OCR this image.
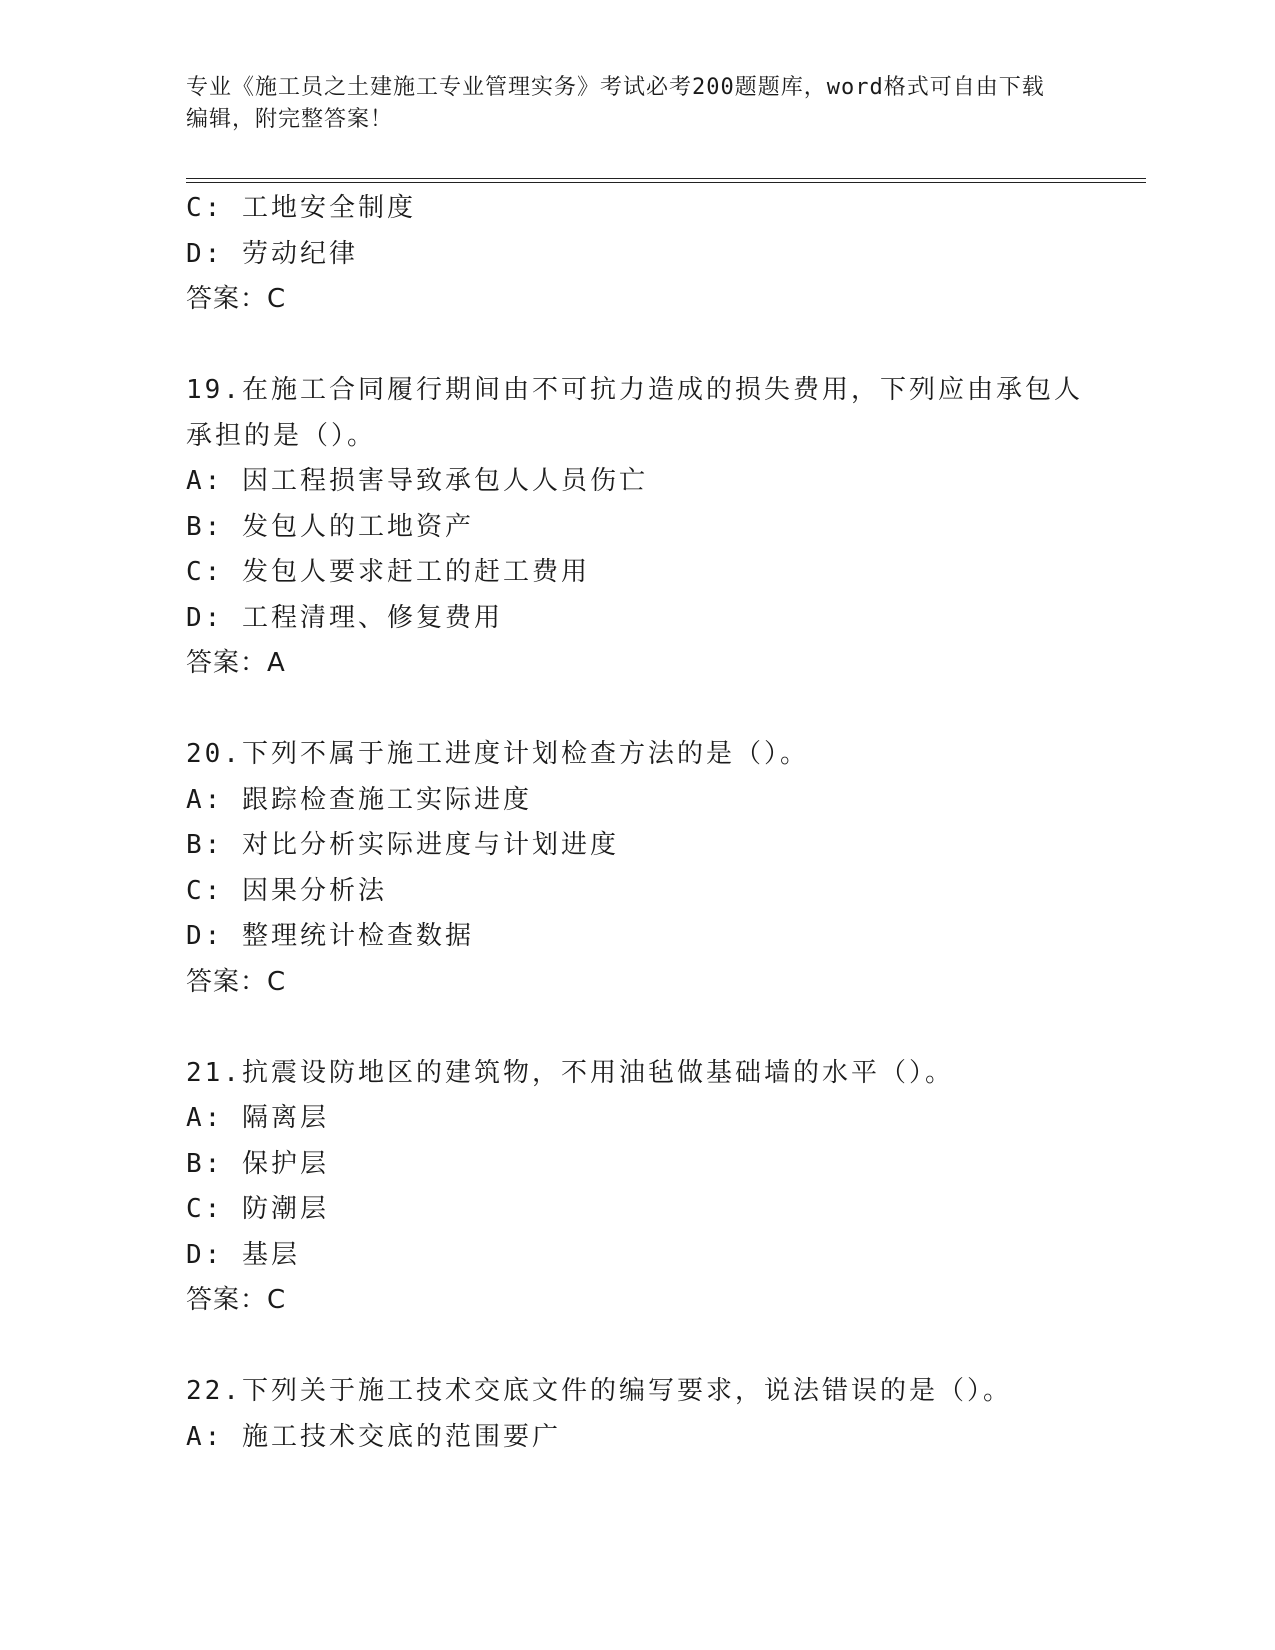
专业《施工员之土建施工专业管理实务》考试必考200题题库，word格式可自由下载编辑，附完整答案！
C: 工地安全制度
D: 劳动纪律
答案：C
19.在施工合同履行期间由不可抗力造成的损失费用，下列应由承包人承担的是（）。
A: 因工程损害导致承包人人员伤亡
B: 发包人的工地资产
C: 发包人要求赶工的赶工费用
D: 工程清理、修复费用
答案：A
20.下列不属于施工进度计划检查方法的是（）。
A: 跟踪检查施工实际进度
B: 对比分析实际进度与计划进度
C: 因果分析法
D: 整理统计检查数据
答案：C
21.抗震设防地区的建筑物，不用油毡做基础墙的水平（）。
A: 隔离层
B: 保护层
C: 防潮层
D: 基层
答案：C
22.下列关于施工技术交底文件的编写要求，说法错误的是（）。
A: 施工技术交底的范围要广
